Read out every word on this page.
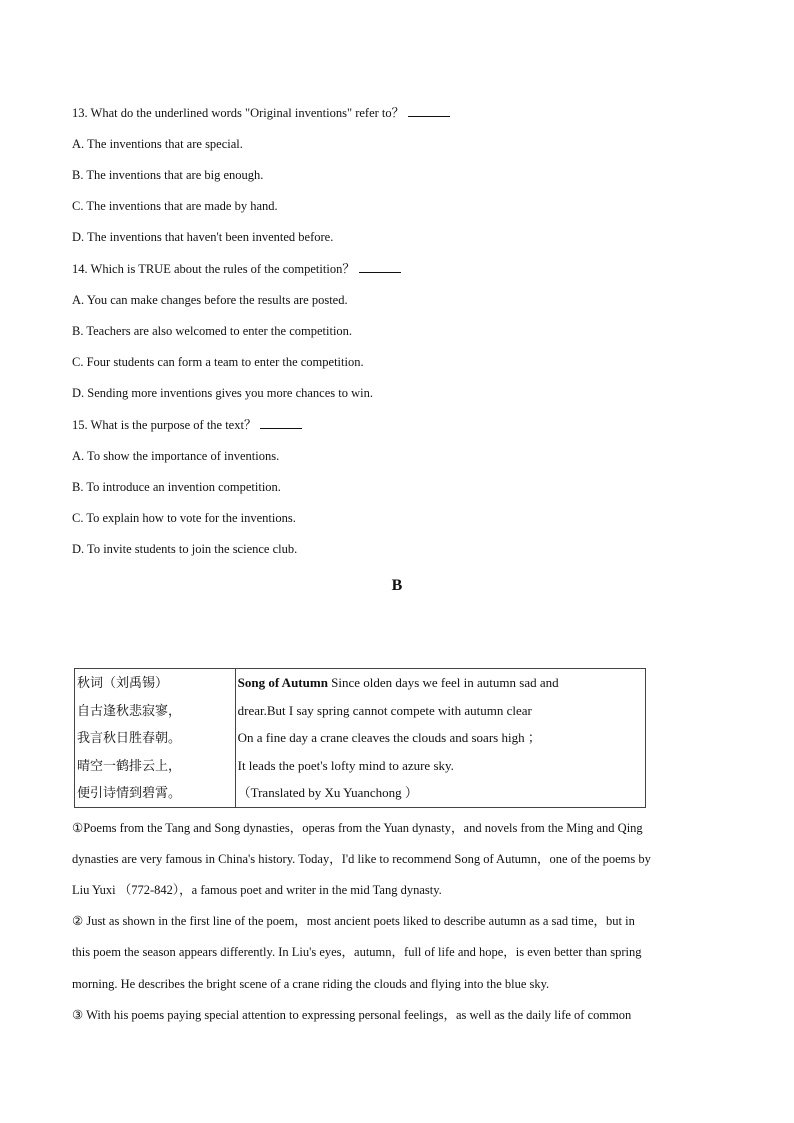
13. What do the underlined words "Original inventions" refer to？
A. The inventions that are special.
B. The inventions that are big enough.
C. The inventions that are made by hand.
D. The inventions that haven't been invented before.
14. Which is TRUE about the rules of the competition？
A. You can make changes before the results are posted.
B. Teachers are also welcomed to enter the competition.
C. Four students can form a team to enter the competition.
D. Sending more inventions gives you more chances to win.
15. What is the purpose of the text？
A. To show the importance of inventions.
B. To introduce an invention competition.
C. To explain how to vote for the inventions.
D. To invite students to join the science club.
B
秋词（刘禹锡）
自古逢秋悲寂寥，
我言秋日胜春朝。
晴空一鹤排云上，
便引诗情到碧霄。

Song of Autumn Since olden days we feel in autumn sad and
drear.But I say spring cannot compete with autumn clear
On a fine day a crane cleaves the clouds and soars high ；
It leads the poet's lofty mind to azure sky.
（Translated by Xu Yuanchong ）
①Poems from the Tang and Song dynasties，operas from the Yuan dynasty，and novels from the Ming and Qing
dynasties are very famous in China's history. Today，I'd like to recommend Song of Autumn，one of the poems by
Liu Yuxi （772-842），a famous poet and writer in the mid Tang dynasty.
② Just as shown in the first line of the poem，most ancient poets liked to describe autumn as a sad time，but in
this poem the season appears differently. In Liu's eyes，autumn，full of life and hope，is even better than spring
morning. He describes the bright scene of a crane riding the clouds and flying into the blue sky.
③ With his poems paying special attention to expressing personal feelings，as well as the daily life of common
